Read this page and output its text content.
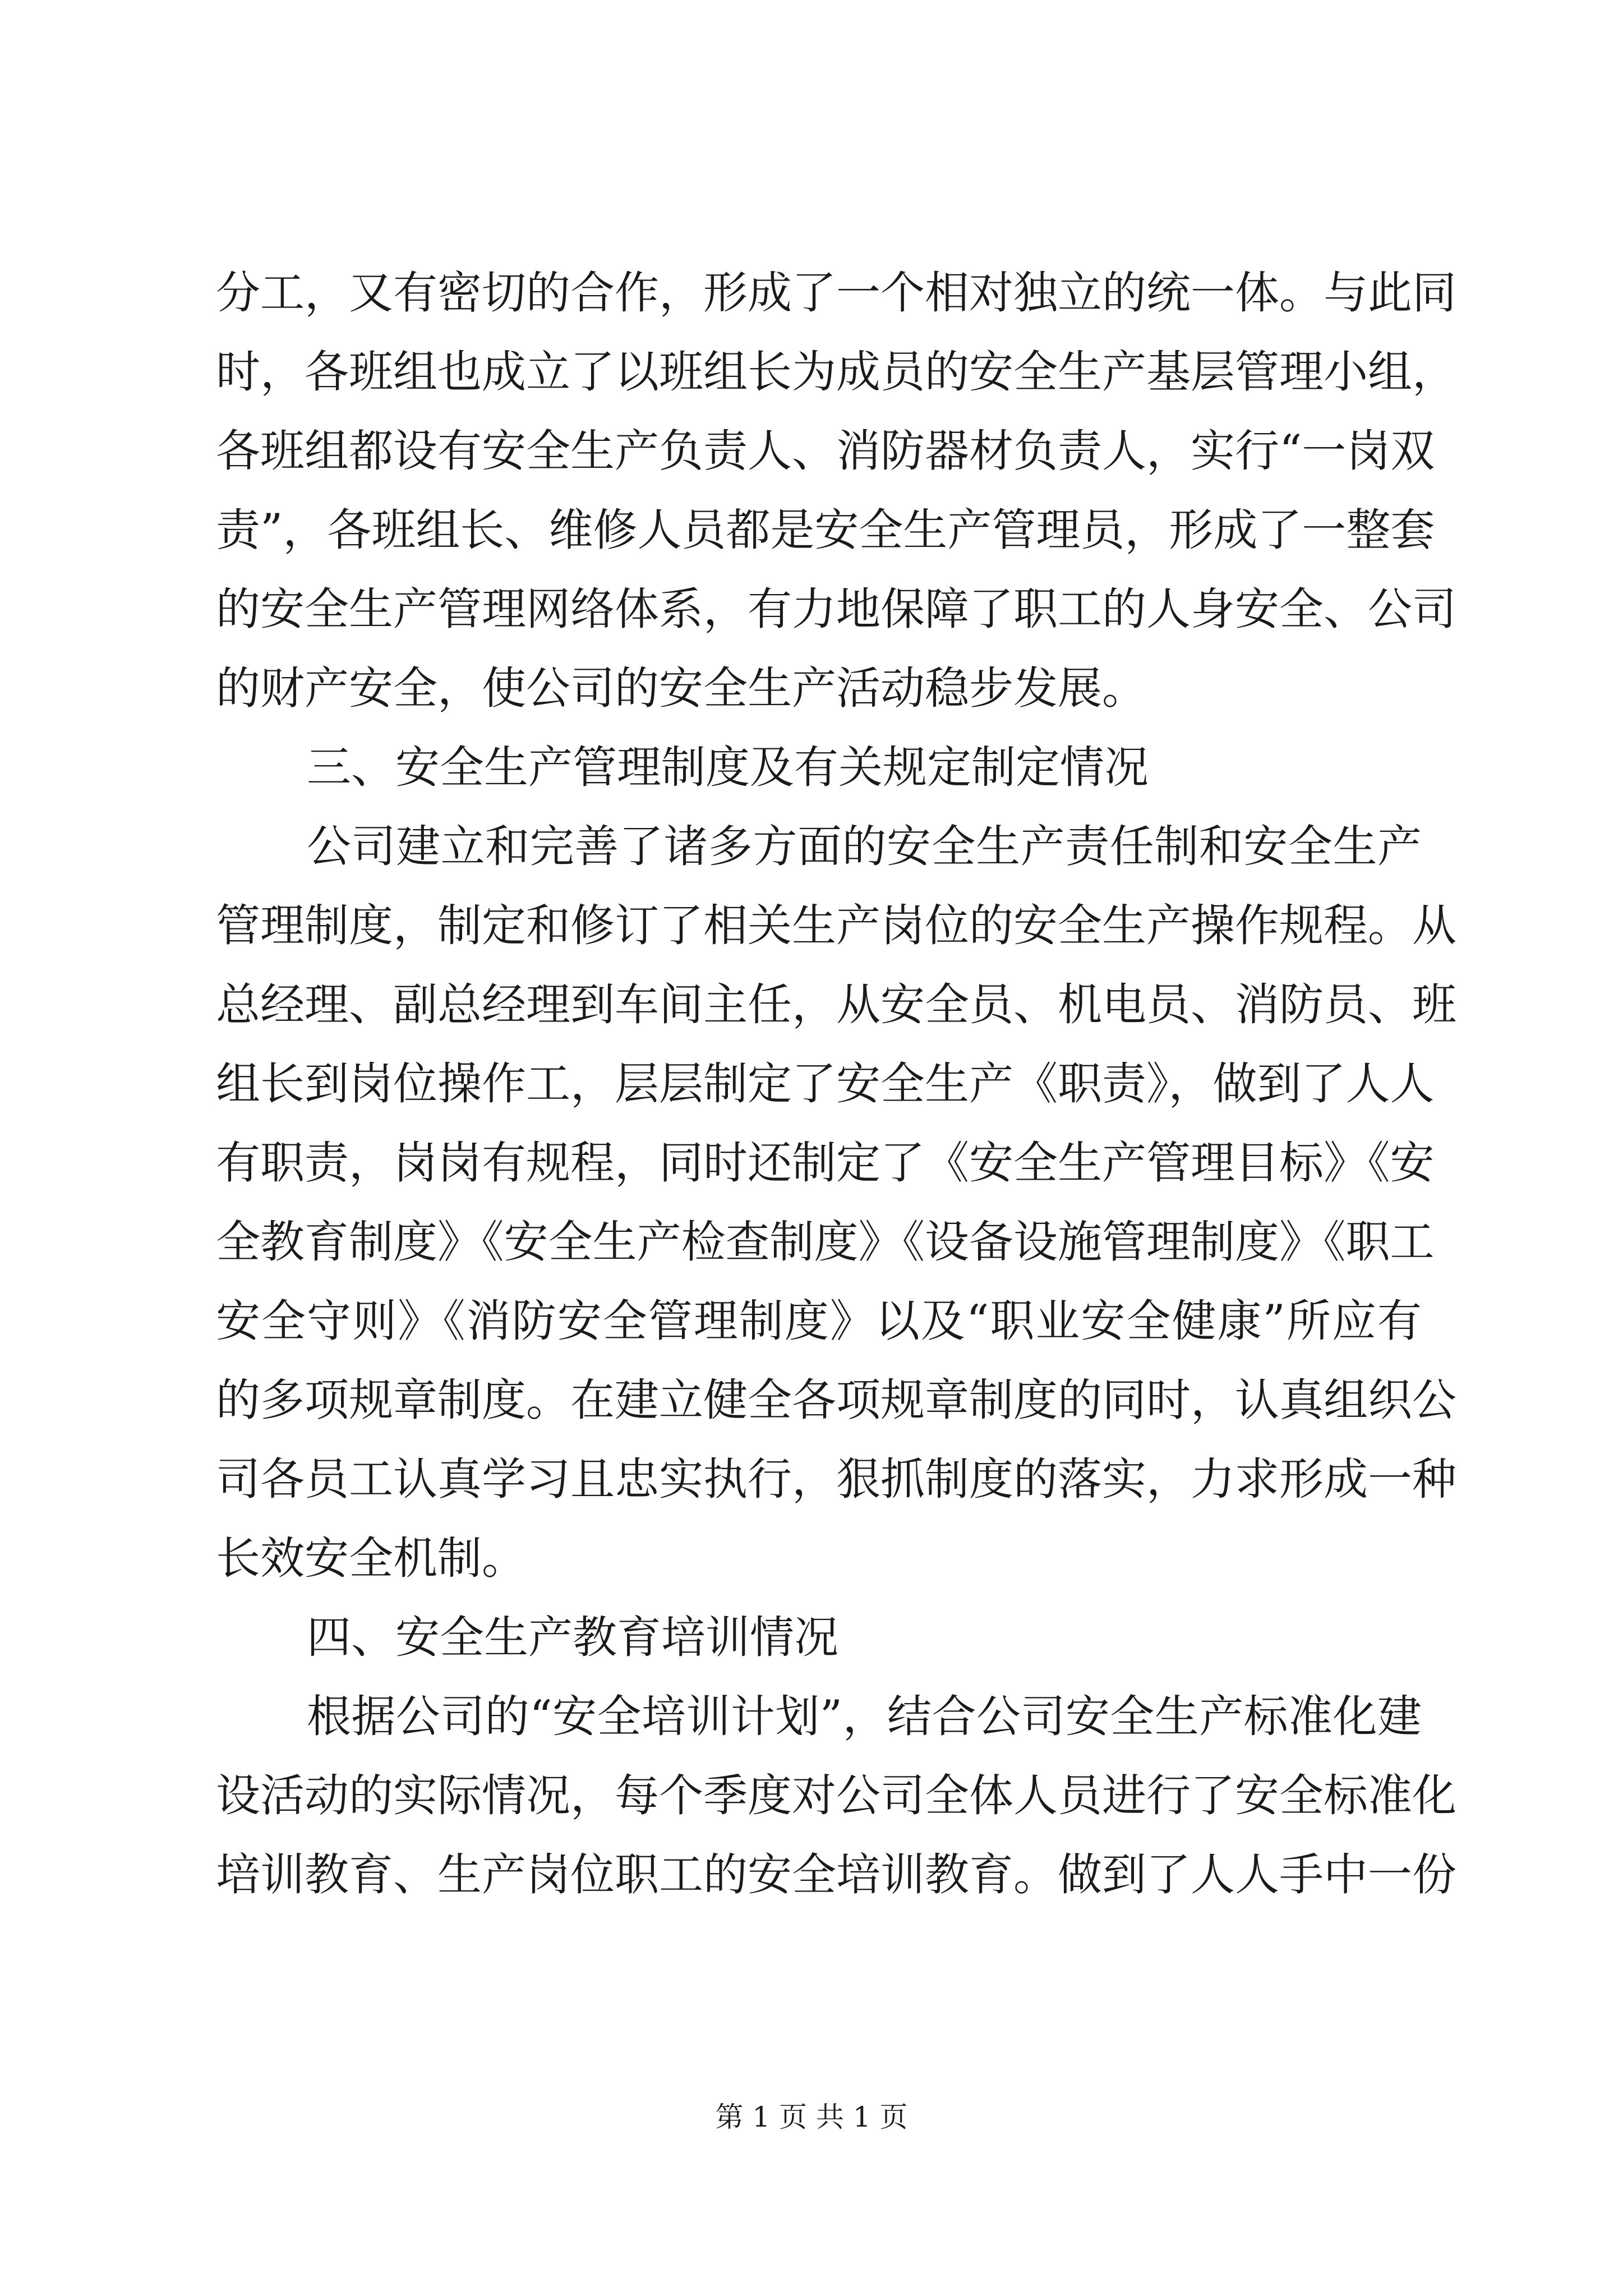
分工，又有密切的合作，形成了一个相对独立的统一体。与此同
时，各班组也成立了以班组长为成员的安全生产基层管理小组，
各班组都设有安全生产负责人、消防器材负责人，实行“一岗双
责”，各班组长、维修人员都是安全生产管理员，形成了一整套
的安全生产管理网络体系，有力地保障了职工的人身安全、公司
的财产安全，使公司的安全生产活动稳步发展。
三、安全生产管理制度及有关规定制定情况
公司建立和完善了诸多方面的安全生产责任制和安全生产
管理制度，制定和修订了相关生产岗位的安全生产操作规程。从
总经理、副总经理到车间主任，从安全员、机电员、消防员、班
组长到岗位操作工，层层制定了安全生产《职责》，做到了人人
有职责，岗岗有规程，同时还制定了《安全生产管理目标》《安
全教育制度》《安全生产检查制度》《设备设施管理制度》《职工
安全守则》《消防安全管理制度》以及“职业安全健康”所应有
的多项规章制度。在建立健全各项规章制度的同时，认真组织公
司各员工认真学习且忠实执行，狠抓制度的落实，力求形成一种
长效安全机制。
四、安全生产教育培训情况
根据公司的“安全培训计划”，结合公司安全生产标准化建
设活动的实际情况，每个季度对公司全体人员进行了安全标准化
培训教育、生产岗位职工的安全培训教育。做到了人人手中一份
第 1 页 共 1 页
